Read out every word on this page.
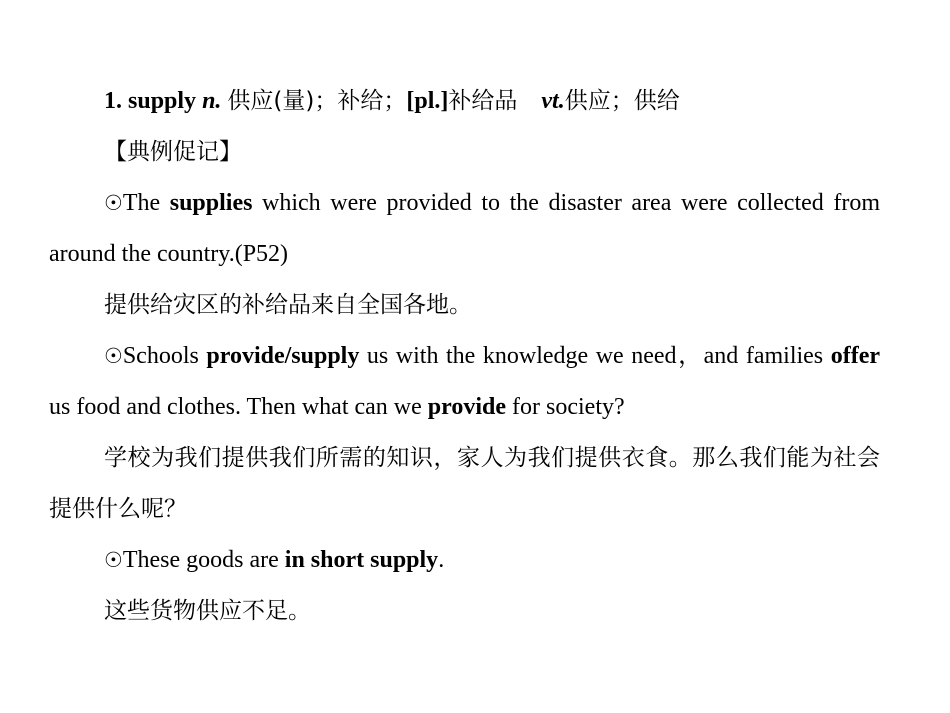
1. supply n. 供应(量)；补给；[pl.]补给品 vt.供应；供给
【典例促记】
☉The supplies which were provided to the disaster area were collected from around the country.(P52)
提供给灾区的补给品来自全国各地。
☉Schools provide/supply us with the knowledge we need，and families offer us food and clothes. Then what can we provide for society?
学校为我们提供我们所需的知识，家人为我们提供衣食。那么我们能为社会提供什么呢？
☉These goods are in short supply.
这些货物供应不足。
